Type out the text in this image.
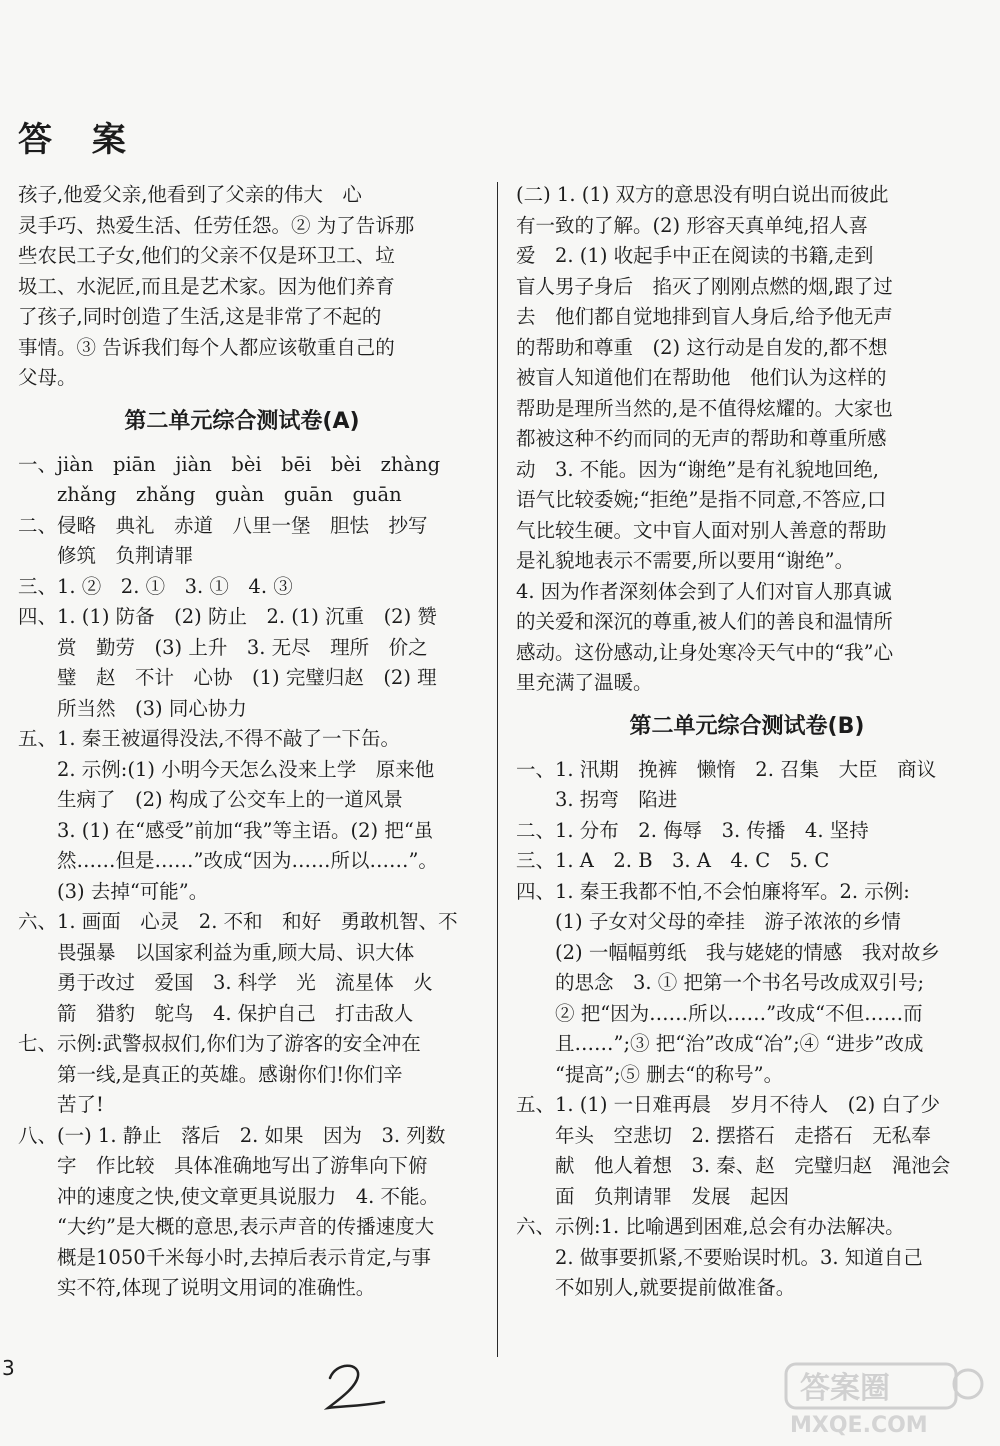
答 案
孩子,他爱父亲,他看到了父亲的伟大　心
灵手巧、热爱生活、任劳任怨。② 为了告诉那
些农民工子女,他们的父亲不仅是环卫工、垃
圾工、水泥匠,而且是艺术家。因为他们养育
了孩子,同时创造了生活,这是非常了不起的
事情。③ 告诉我们每个人都应该敬重自己的
父母。
第二单元综合测试卷(A)
一、jiàn　piān　jiàn　bèi　bēi　bèi　zhàng
　　zhǎng　zhǎng　guàn　guān　guān
二、侵略　典礼　赤道　八里一堡　胆怯　抄写
　　修筑　负荆请罪
三、1. ②　2. ①　3. ①　4. ③
四、1. (1) 防备　(2) 防止　2. (1) 沉重　(2) 赞
　　赏　勤劳　(3) 上升　3. 无尽　理所　价之
　　璧　赵　不计　心协　(1) 完璧归赵　(2) 理
　　所当然　(3) 同心协力
五、1. 秦王被逼得没法,不得不敲了一下缶。
　　2. 示例:(1) 小明今天怎么没来上学　原来他
　　生病了　(2) 构成了公交车上的一道风景
　　3. (1) 在“感受”前加“我”等主语。(2) 把“虽
　　然……但是……”改成“因为……所以……”。
　　(3) 去掉“可能”。
六、1. 画面　心灵　2. 不和　和好　勇敢机智、不
　　畏强暴　以国家利益为重,顾大局、识大体
　　勇于改过　爱国　3. 科学　光　流星体　火
　　箭　猎豹　鸵鸟　4. 保护自己　打击敌人
七、示例:武警叔叔们,你们为了游客的安全冲在
　　第一线,是真正的英雄。感谢你们!你们辛
　　苦了!
八、(一) 1. 静止　落后　2. 如果　因为　3. 列数
　　字　作比较　具体准确地写出了游隼向下俯
　　冲的速度之快,使文章更具说服力　4. 不能。
　　“大约”是大概的意思,表示声音的传播速度大
　　概是1050千米每小时,去掉后表示肯定,与事
　　实不符,体现了说明文用词的准确性。
(二) 1. (1) 双方的意思没有明白说出而彼此
有一致的了解。(2) 形容天真单纯,招人喜
爱　2. (1) 收起手中正在阅读的书籍,走到
盲人男子身后　掐灭了刚刚点燃的烟,跟了过
去　他们都自觉地排到盲人身后,给予他无声
的帮助和尊重　(2) 这行动是自发的,都不想
被盲人知道他们在帮助他　他们认为这样的
帮助是理所当然的,是不值得炫耀的。大家也
都被这种不约而同的无声的帮助和尊重所感
动　3. 不能。因为“谢绝”是有礼貌地回绝,
语气比较委婉;“拒绝”是指不同意,不答应,口
气比较生硬。文中盲人面对别人善意的帮助
是礼貌地表示不需要,所以要用“谢绝”。
4. 因为作者深刻体会到了人们对盲人那真诚
的关爱和深沉的尊重,被人们的善良和温情所
感动。这份感动,让身处寒冷天气中的“我”心
里充满了温暖。
第二单元综合测试卷(B)
一、1. 汛期　挽裤　懒惰　2. 召集　大臣　商议
　　3. 拐弯　陷进
二、1. 分布　2. 侮辱　3. 传播　4. 坚持
三、1. A　2. B　3. A　4. C　5. C
四、1. 秦王我都不怕,不会怕廉将军。2. 示例:
　　(1) 子女对父母的牵挂　游子浓浓的乡情
　　(2) 一幅幅剪纸　我与姥姥的情感　我对故乡
　　的思念　3. ① 把第一个书名号改成双引号;
　　② 把“因为……所以……”改成“不但……而
　　且……”;③ 把“治”改成“冶”;④ “进步”改成
　　“提高”;⑤ 删去“的称号”。
五、1. (1) 一日难再晨　岁月不待人　(2) 白了少
　　年头　空悲切　2. 摆搭石　走搭石　无私奉
　　献　他人着想　3. 秦、赵　完璧归赵　渑池会
　　面　负荆请罪　发展　起因
六、示例:1. 比喻遇到困难,总会有办法解决。
　　2. 做事要抓紧,不要贻误时机。3. 知道自己
　　不如别人,就要提前做准备。
3
答案圈
MXQE.COM
